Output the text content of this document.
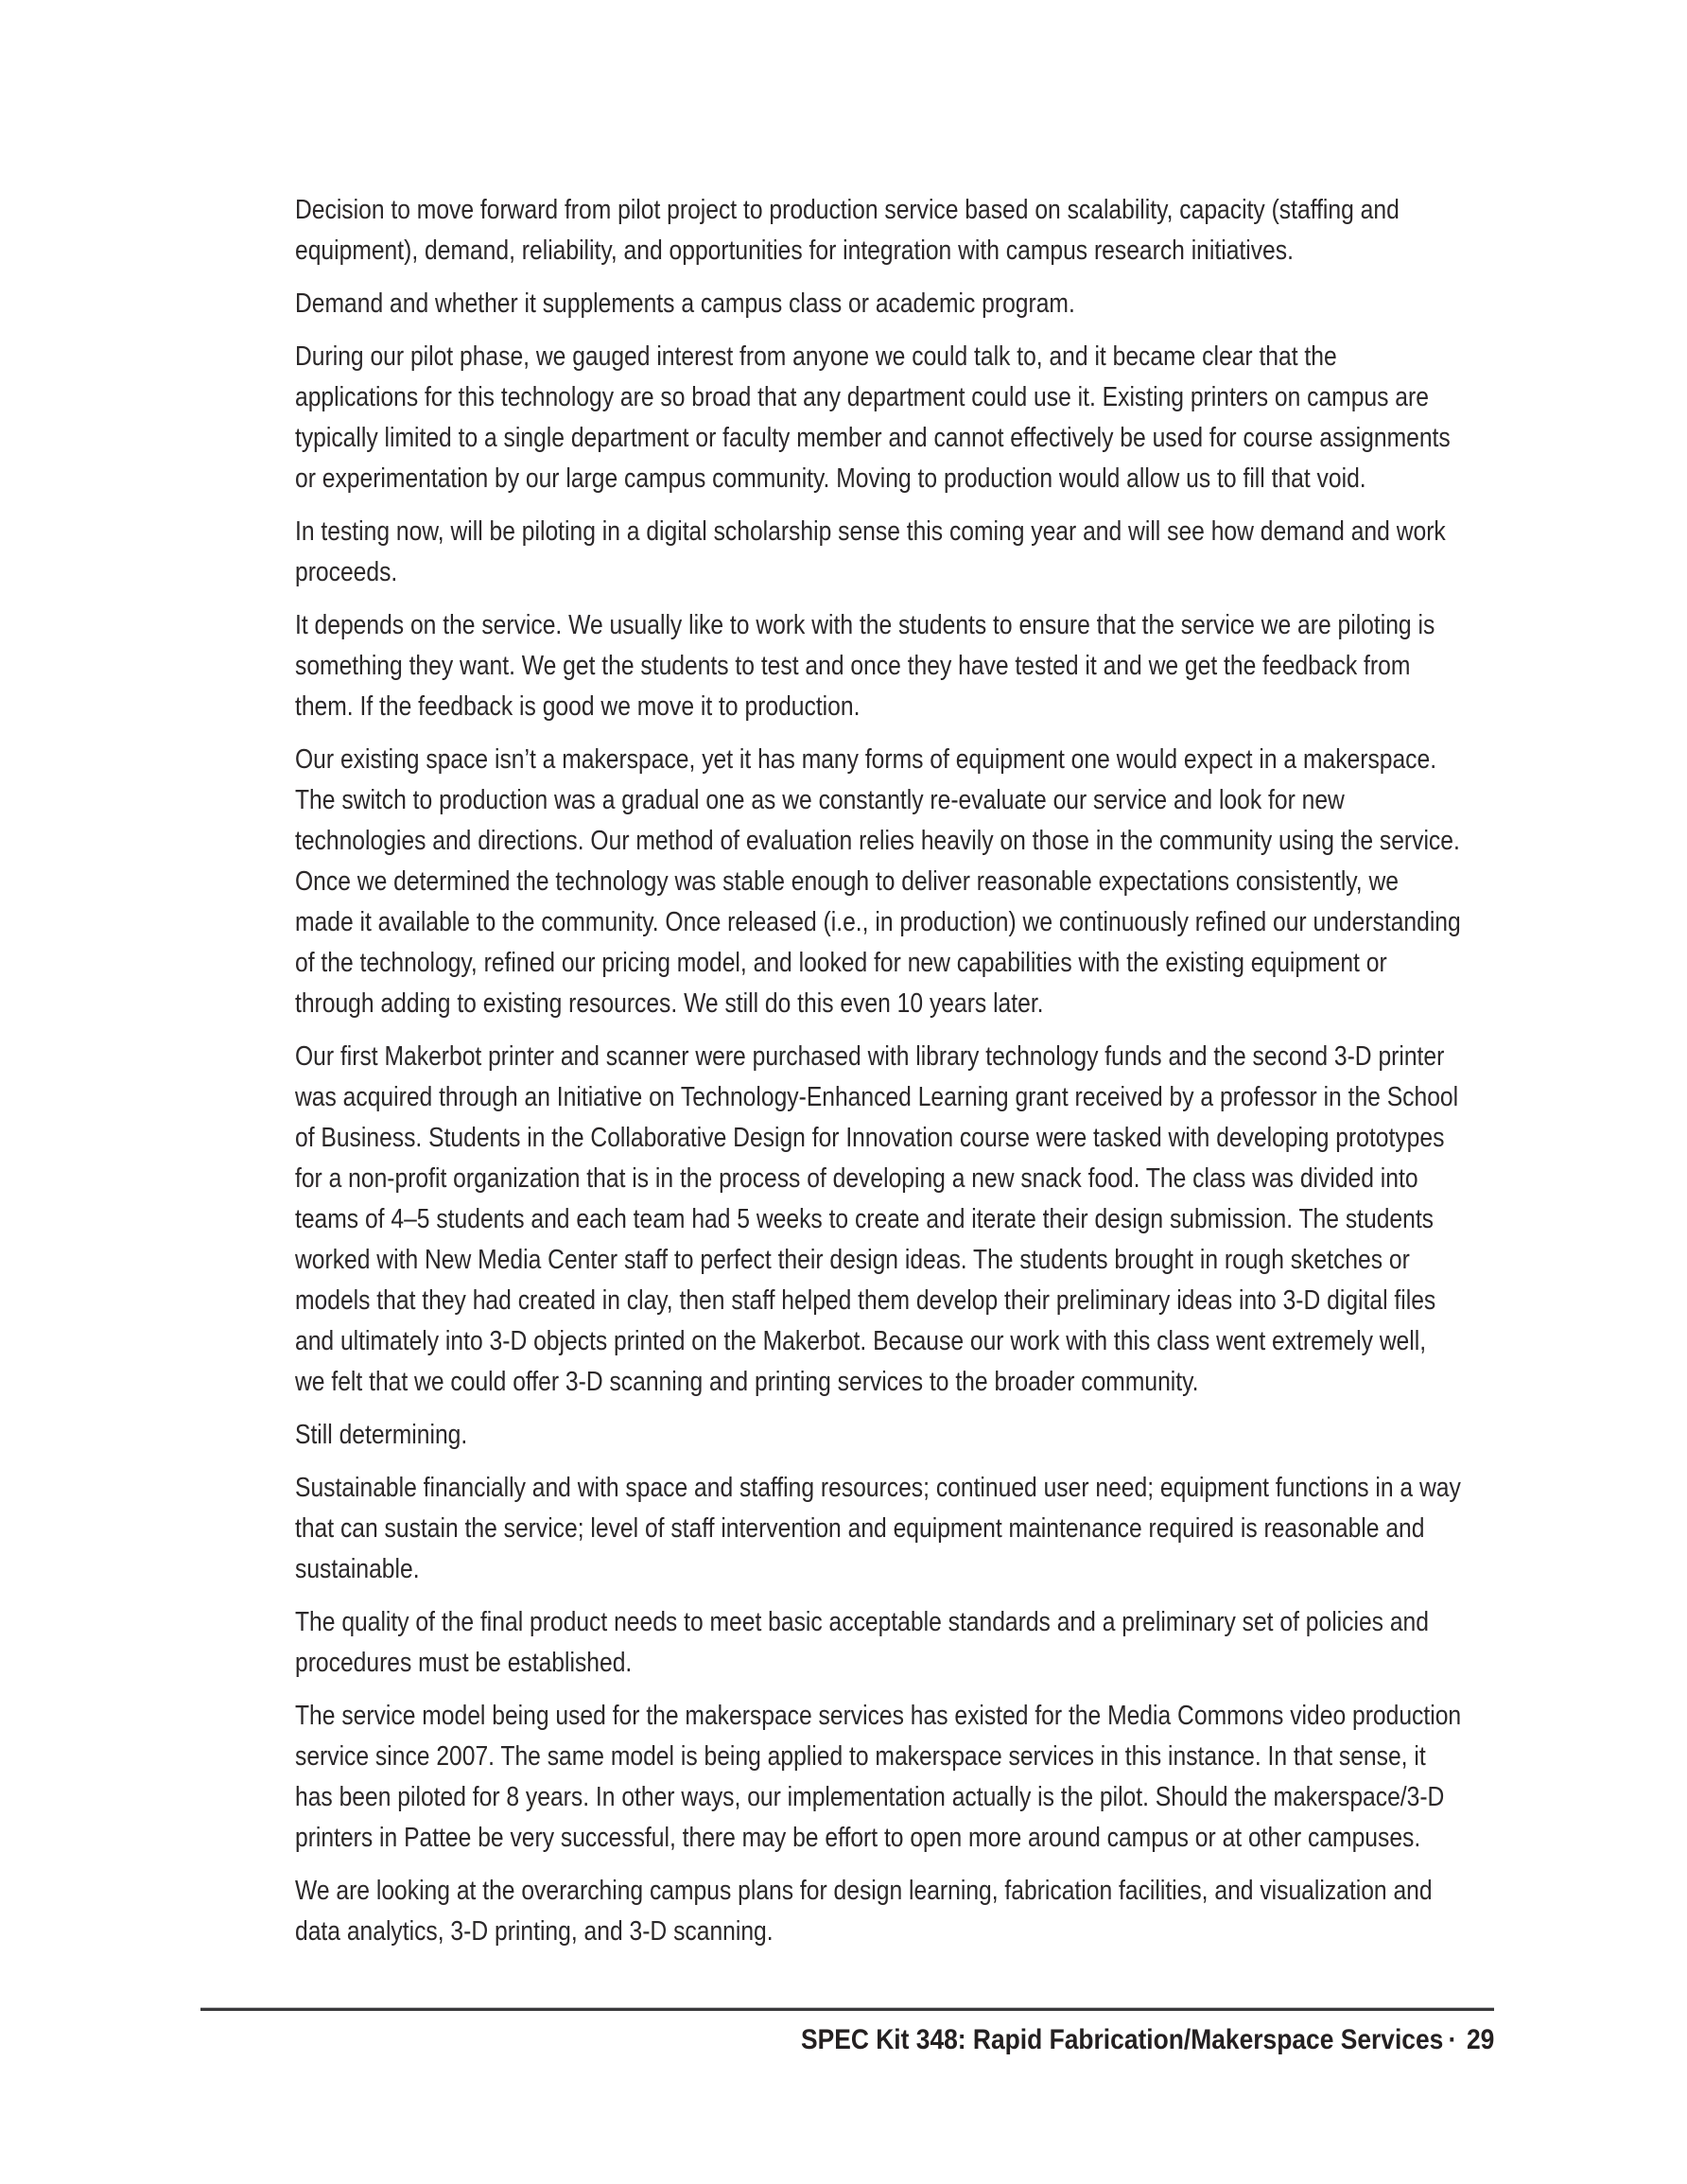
Decision to move forward from pilot project to production service based on scalability, capacity (staffing and equipment), demand, reliability, and opportunities for integration with campus research initiatives.

Demand and whether it supplements a campus class or academic program.

During our pilot phase, we gauged interest from anyone we could talk to, and it became clear that the applications for this technology are so broad that any department could use it. Existing printers on campus are typically limited to a single department or faculty member and cannot effectively be used for course assignments or experimentation by our large campus community. Moving to production would allow us to fill that void.

In testing now, will be piloting in a digital scholarship sense this coming year and will see how demand and work proceeds.

It depends on the service. We usually like to work with the students to ensure that the service we are piloting is something they want. We get the students to test and once they have tested it and we get the feedback from them. If the feedback is good we move it to production.

Our existing space isn’t a makerspace, yet it has many forms of equipment one would expect in a makerspace. The switch to production was a gradual one as we constantly re-evaluate our service and look for new technologies and directions. Our method of evaluation relies heavily on those in the community using the service. Once we determined the technology was stable enough to deliver reasonable expectations consistently, we made it available to the community. Once released (i.e., in production) we continuously refined our understanding of the technology, refined our pricing model, and looked for new capabilities with the existing equipment or through adding to existing resources. We still do this even 10 years later.

Our first Makerbot printer and scanner were purchased with library technology funds and the second 3-D printer was acquired through an Initiative on Technology-Enhanced Learning grant received by a professor in the School of Business. Students in the Collaborative Design for Innovation course were tasked with developing prototypes for a non-profit organization that is in the process of developing a new snack food. The class was divided into teams of 4–5 students and each team had 5 weeks to create and iterate their design submission. The students worked with New Media Center staff to perfect their design ideas. The students brought in rough sketches or models that they had created in clay, then staff helped them develop their preliminary ideas into 3-D digital files and ultimately into 3-D objects printed on the Makerbot. Because our work with this class went extremely well, we felt that we could offer 3-D scanning and printing services to the broader community.

Still determining.

Sustainable financially and with space and staffing resources; continued user need; equipment functions in a way that can sustain the service; level of staff intervention and equipment maintenance required is reasonable and sustainable.

The quality of the final product needs to meet basic acceptable standards and a preliminary set of policies and procedures must be established.

The service model being used for the makerspace services has existed for the Media Commons video production service since 2007. The same model is being applied to makerspace services in this instance. In that sense, it has been piloted for 8 years. In other ways, our implementation actually is the pilot. Should the makerspace/3-D printers in Pattee be very successful, there may be effort to open more around campus or at other campuses.

We are looking at the overarching campus plans for design learning, fabrication facilities, and visualization and data analytics, 3-D printing, and 3-D scanning.

SPEC Kit 348: Rapid Fabrication/Makerspace Services · 29
